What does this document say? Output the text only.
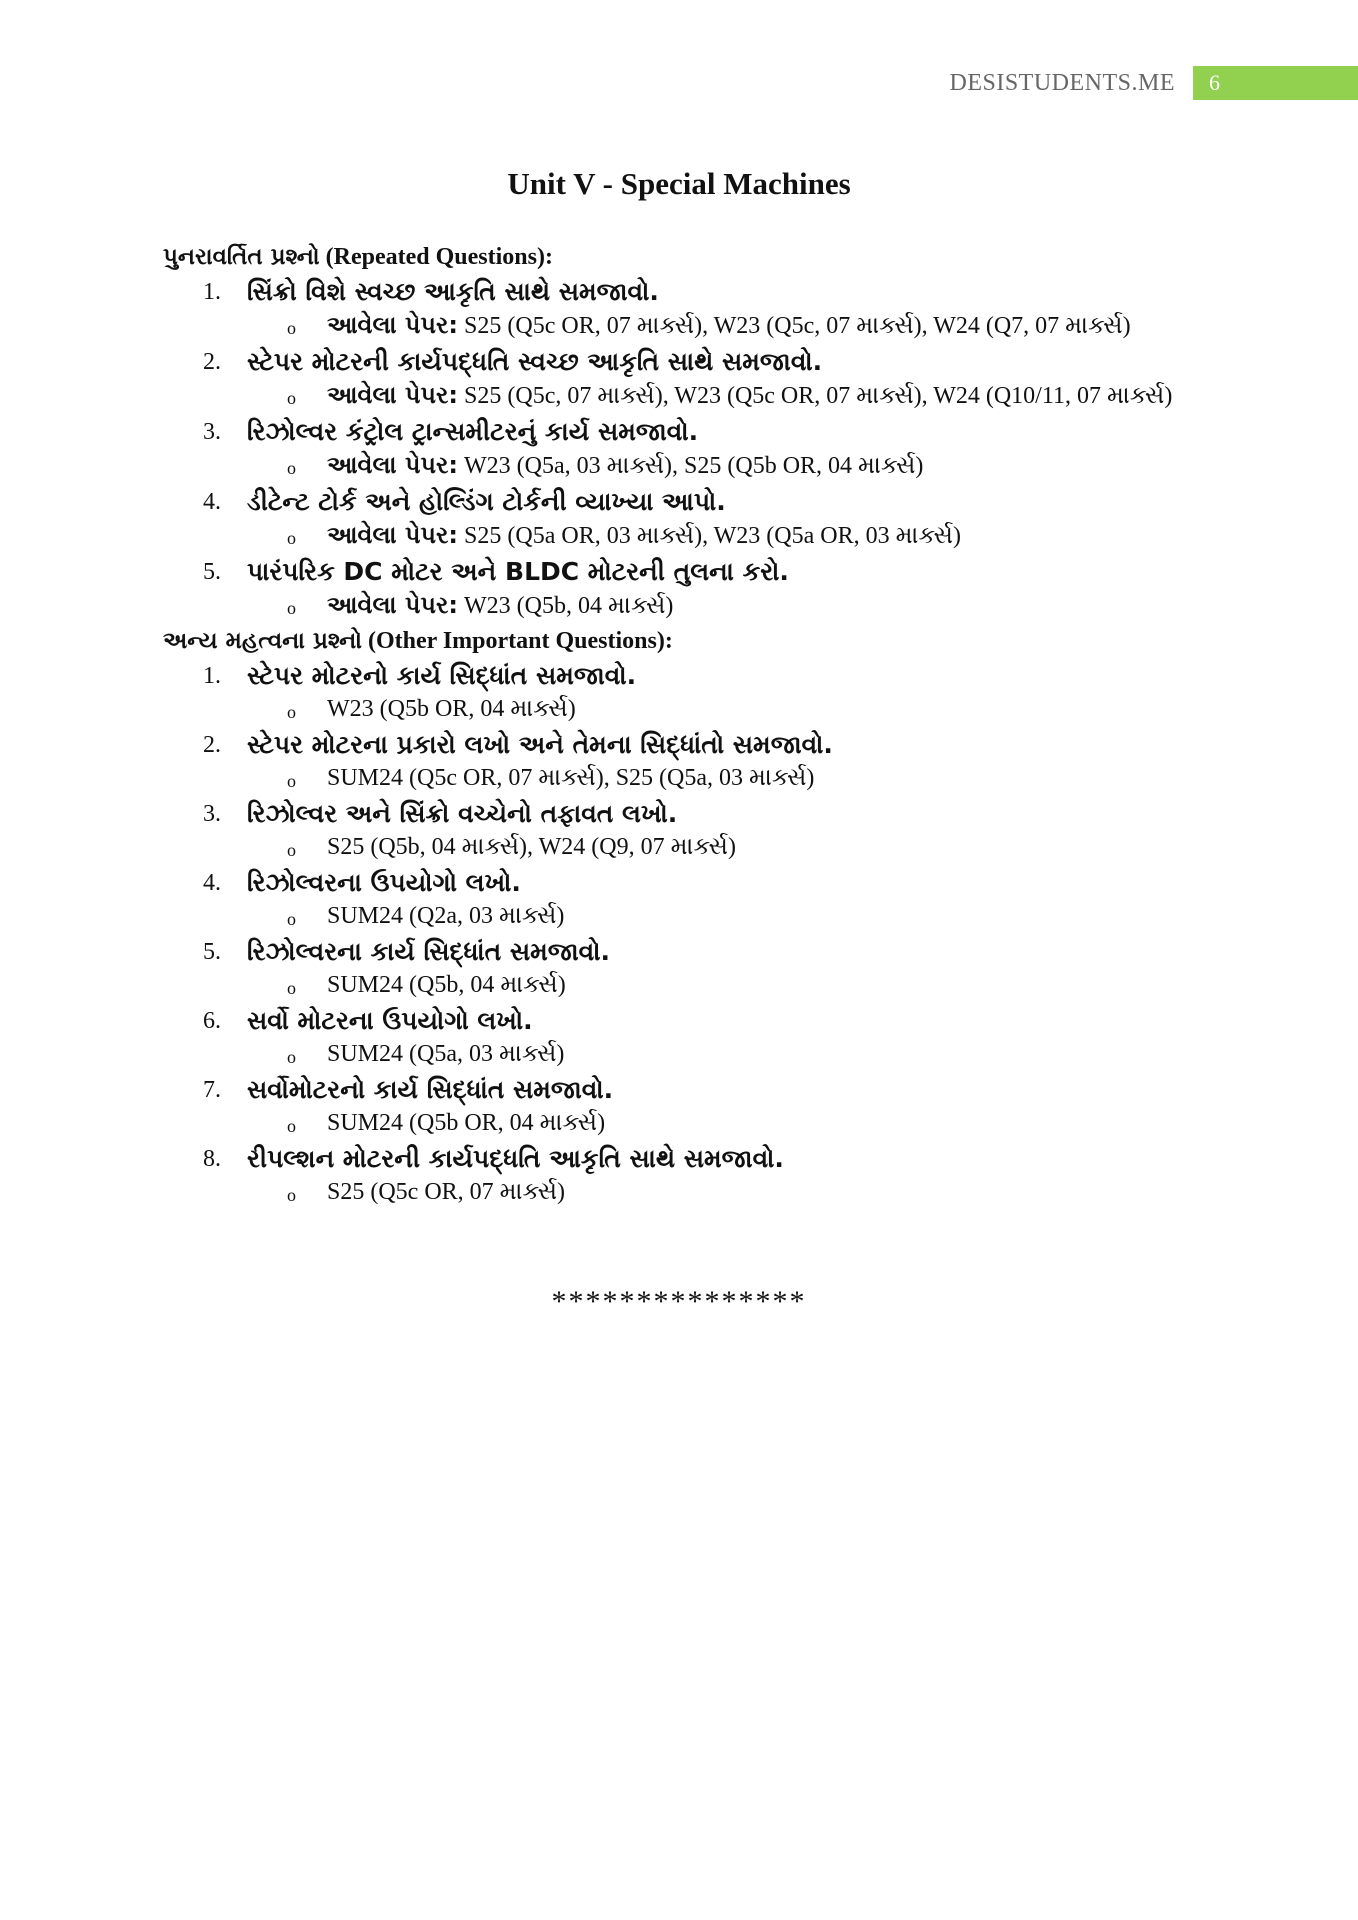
DESISTUDENTS.ME 6
Unit V - Special Machines
પુનરાવર્તિત પ્રશ્નો (Repeated Questions):
1.	સિંક્રો વિશે સ્વચ્છ આકૃતિ સાથે સમજાવો.
o આવેલા પેપર: S25 (Q5c OR, 07 માર્ક્સ), W23 (Q5c, 07 માર્ક્સ), W24 (Q7, 07 માર્ક્સ)
2.	સ્ટેપર મોટરની કાર્યપદ્ધતિ સ્વચ્છ આકૃતિ સાથે સમજાવો.
o આવેલા પેપર: S25 (Q5c, 07 માર્ક્સ), W23 (Q5c OR, 07 માર્ક્સ), W24 (Q10/11, 07 માર્ક્સ)
3.	રિઝોલ્વર કંટ્રોલ ટ્રાન્સમીટરનું કાર્ય સમજાવો.
o આવેલા પેપર: W23 (Q5a, 03 માર્ક્સ), S25 (Q5b OR, 04 માર્ક્સ)
4.	ડીટેન્ટ ટોર્ક અને હોલ્ડિંગ ટોર્કની વ્યાખ્યા આપો.
o આવેલા પેપર: S25 (Q5a OR, 03 માર્ક્સ), W23 (Q5a OR, 03 માર્ક્સ)
5.	પારંપરિક DC મોટર અને BLDC મોટરની તુલના કરો.
o આવેલા પેપર: W23 (Q5b, 04 માર્ક્સ)
અન્ય મહત્વના પ્રશ્નો (Other Important Questions):
1.	સ્ટેપર મોટરનો કાર્ય સિદ્ધાંત સમજાવો.
o W23 (Q5b OR, 04 માર્ક્સ)
2.	સ્ટેપર મોટરના પ્રકારો લખો અને તેમના સિદ્ધાંતો સમજાવો.
o SUM24 (Q5c OR, 07 માર્ક્સ), S25 (Q5a, 03 માર્ક્સ)
3.	રિઝોલ્વર અને સિંક્રો વચ્ચેનો તફાવત લખો.
o S25 (Q5b, 04 માર્ક્સ), W24 (Q9, 07 માર્ક્સ)
4.	રિઝોલ્વરના ઉપયોગો લખો.
o SUM24 (Q2a, 03 માર્ક્સ)
5.	રિઝોલ્વરના કાર્ય સિદ્ધાંત સમજાવો.
o SUM24 (Q5b, 04 માર્ક્સ)
6.	સર્વો મોટરના ઉપયોગો લખો.
o SUM24 (Q5a, 03 માર્ક્સ)
7.	સર્વોમોટરનો કાર્ય સિદ્ધાંત સમજાવો.
o SUM24 (Q5b OR, 04 માર્ક્સ)
8.	રીપલ્શન મોટરની કાર્યપદ્ધતિ આકૃતિ સાથે સમજાવો.
o S25 (Q5c OR, 07 માર્ક્સ)
***************
